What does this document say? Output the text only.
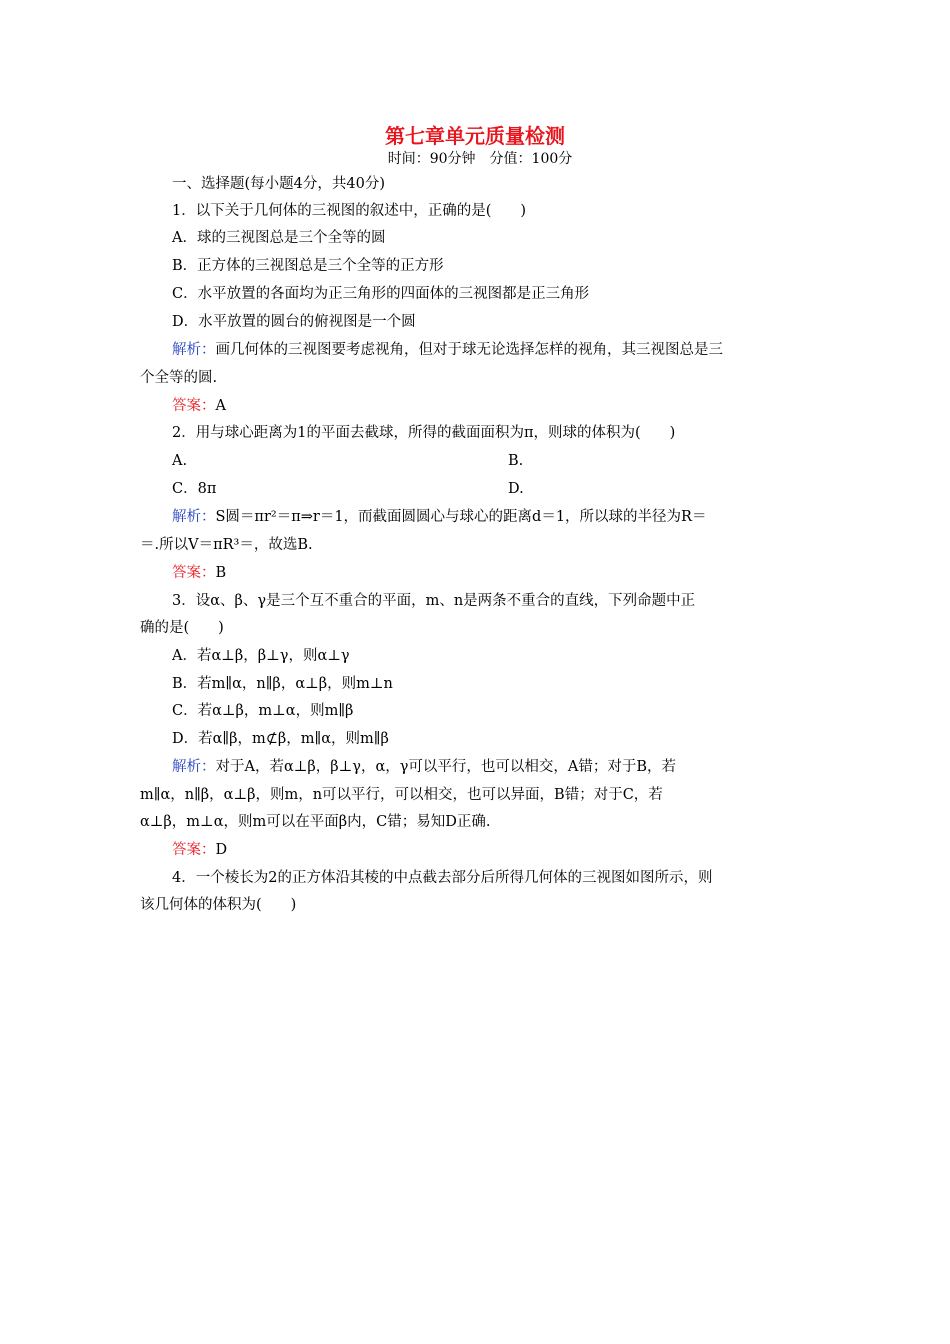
第七章单元质量检测
时间：90分钟　分值：100分
一、选择题(每小题4分，共40分)
1．以下关于几何体的三视图的叙述中，正确的是(　　)
A．球的三视图总是三个全等的圆
B．正方体的三视图总是三个全等的正方形
C．水平放置的各面均为正三角形的四面体的三视图都是正三角形
D．水平放置的圆台的俯视图是一个圆
解析：画几何体的三视图要考虑视角，但对于球无论选择怎样的视角，其三视图总是三
个全等的圆.
答案：A
2．用与球心距离为1的平面去截球，所得的截面面积为π，则球的体积为(　　)
A.	B.
C．8π	D.
解析：S圆＝πr²＝π⇒r＝1，而截面圆圆心与球心的距离d＝1，所以球的半径为R＝
＝.所以V＝πR³＝，故选B.
答案：B
3．设α、β、γ是三个互不重合的平面，m、n是两条不重合的直线，下列命题中正
确的是(　　)
A．若α⊥β，β⊥γ，则α⊥γ
B．若m∥α，n∥β，α⊥β，则m⊥n
C．若α⊥β，m⊥α，则m∥β
D．若α∥β，m⊄β，m∥α，则m∥β
解析：对于A，若α⊥β，β⊥γ，α，γ可以平行，也可以相交，A错；对于B，若
m∥α，n∥β，α⊥β，则m，n可以平行，可以相交，也可以异面，B错；对于C，若
α⊥β，m⊥α，则m可以在平面β内，C错；易知D正确.
答案：D
4．一个棱长为2的正方体沿其棱的中点截去部分后所得几何体的三视图如图所示，则
该几何体的体积为(　　)
